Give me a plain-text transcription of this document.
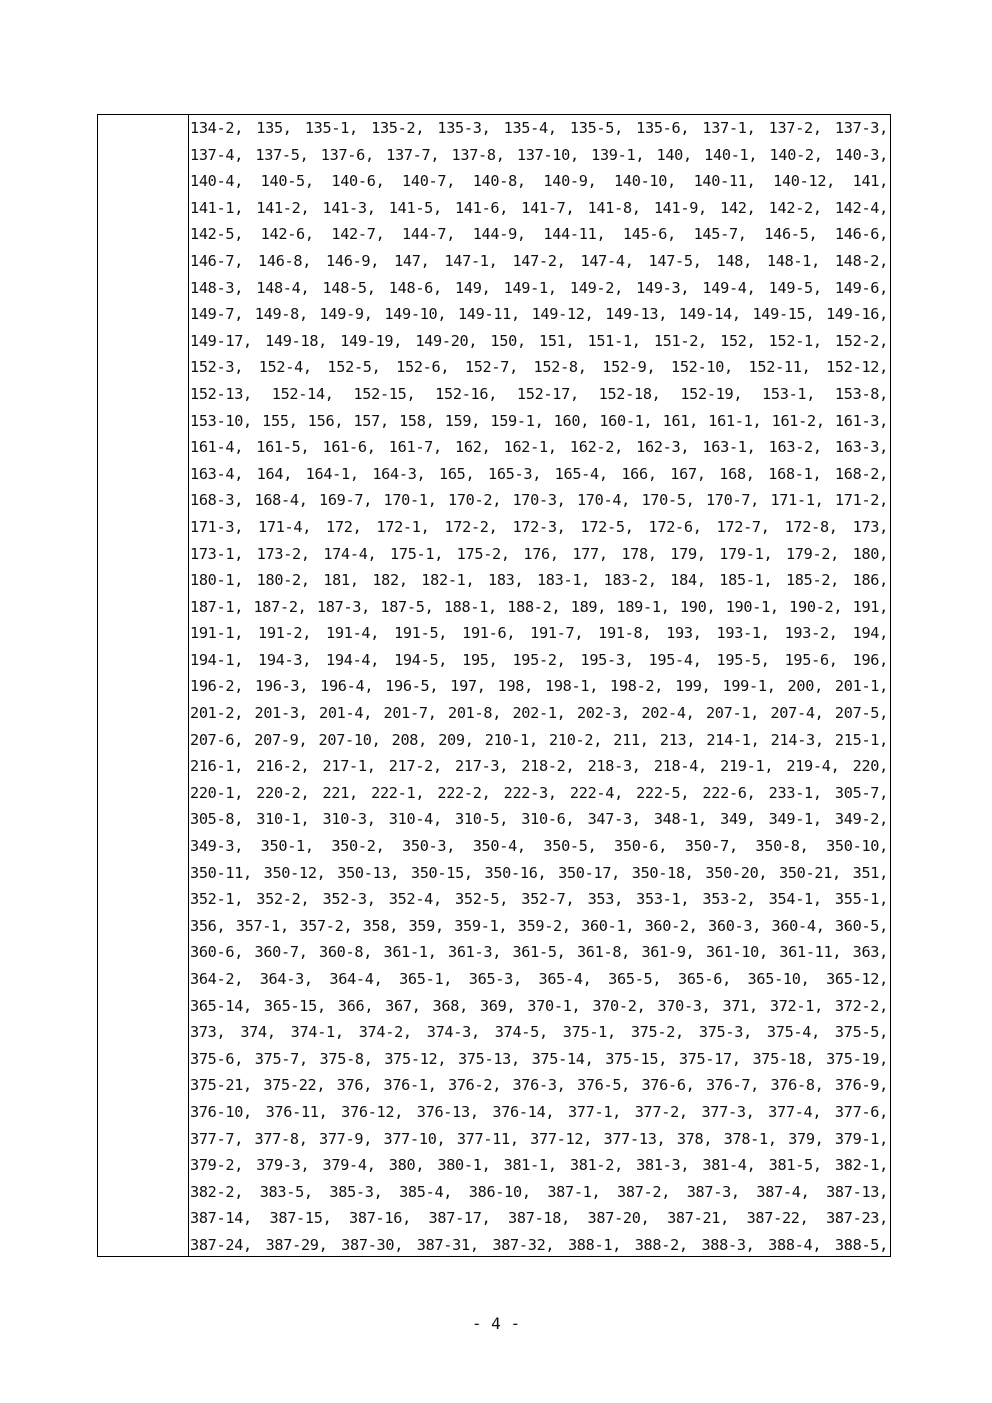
134-2, 135, 135-1, 135-2, 135-3, 135-4, 135-5, 135-6, 137-1, 137-2, 137-3,
137-4, 137-5, 137-6, 137-7, 137-8, 137-10, 139-1, 140, 140-1, 140-2, 140-3,
140-4, 140-5, 140-6, 140-7, 140-8, 140-9, 140-10, 140-11, 140-12, 141,
141-1, 141-2, 141-3, 141-5, 141-6, 141-7, 141-8, 141-9, 142, 142-2, 142-4,
142-5, 142-6, 142-7, 144-7, 144-9, 144-11, 145-6, 145-7, 146-5, 146-6,
146-7, 146-8, 146-9, 147, 147-1, 147-2, 147-4, 147-5, 148, 148-1, 148-2,
148-3, 148-4, 148-5, 148-6, 149, 149-1, 149-2, 149-3, 149-4, 149-5, 149-6,
149-7, 149-8, 149-9, 149-10, 149-11, 149-12, 149-13, 149-14, 149-15, 149-16,
149-17, 149-18, 149-19, 149-20, 150, 151, 151-1, 151-2, 152, 152-1, 152-2,
152-3, 152-4, 152-5, 152-6, 152-7, 152-8, 152-9, 152-10, 152-11, 152-12,
152-13, 152-14, 152-15, 152-16, 152-17, 152-18, 152-19, 153-1, 153-8,
153-10, 155, 156, 157, 158, 159, 159-1, 160, 160-1, 161, 161-1, 161-2, 161-3,
161-4, 161-5, 161-6, 161-7, 162, 162-1, 162-2, 162-3, 163-1, 163-2, 163-3,
163-4, 164, 164-1, 164-3, 165, 165-3, 165-4, 166, 167, 168, 168-1, 168-2,
168-3, 168-4, 169-7, 170-1, 170-2, 170-3, 170-4, 170-5, 170-7, 171-1, 171-2,
171-3, 171-4, 172, 172-1, 172-2, 172-3, 172-5, 172-6, 172-7, 172-8, 173,
173-1, 173-2, 174-4, 175-1, 175-2, 176, 177, 178, 179, 179-1, 179-2, 180,
180-1, 180-2, 181, 182, 182-1, 183, 183-1, 183-2, 184, 185-1, 185-2, 186,
187-1, 187-2, 187-3, 187-5, 188-1, 188-2, 189, 189-1, 190, 190-1, 190-2, 191,
191-1, 191-2, 191-4, 191-5, 191-6, 191-7, 191-8, 193, 193-1, 193-2, 194,
194-1, 194-3, 194-4, 194-5, 195, 195-2, 195-3, 195-4, 195-5, 195-6, 196,
196-2, 196-3, 196-4, 196-5, 197, 198, 198-1, 198-2, 199, 199-1, 200, 201-1,
201-2, 201-3, 201-4, 201-7, 201-8, 202-1, 202-3, 202-4, 207-1, 207-4, 207-5,
207-6, 207-9, 207-10, 208, 209, 210-1, 210-2, 211, 213, 214-1, 214-3, 215-1,
216-1, 216-2, 217-1, 217-2, 217-3, 218-2, 218-3, 218-4, 219-1, 219-4, 220,
220-1, 220-2, 221, 222-1, 222-2, 222-3, 222-4, 222-5, 222-6, 233-1, 305-7,
305-8, 310-1, 310-3, 310-4, 310-5, 310-6, 347-3, 348-1, 349, 349-1, 349-2,
349-3, 350-1, 350-2, 350-3, 350-4, 350-5, 350-6, 350-7, 350-8, 350-10,
350-11, 350-12, 350-13, 350-15, 350-16, 350-17, 350-18, 350-20, 350-21, 351,
352-1, 352-2, 352-3, 352-4, 352-5, 352-7, 353, 353-1, 353-2, 354-1, 355-1,
356, 357-1, 357-2, 358, 359, 359-1, 359-2, 360-1, 360-2, 360-3, 360-4, 360-5,
360-6, 360-7, 360-8, 361-1, 361-3, 361-5, 361-8, 361-9, 361-10, 361-11, 363,
364-2, 364-3, 364-4, 365-1, 365-3, 365-4, 365-5, 365-6, 365-10, 365-12,
365-14, 365-15, 366, 367, 368, 369, 370-1, 370-2, 370-3, 371, 372-1, 372-2,
373, 374, 374-1, 374-2, 374-3, 374-5, 375-1, 375-2, 375-3, 375-4, 375-5,
375-6, 375-7, 375-8, 375-12, 375-13, 375-14, 375-15, 375-17, 375-18, 375-19,
375-21, 375-22, 376, 376-1, 376-2, 376-3, 376-5, 376-6, 376-7, 376-8, 376-9,
376-10, 376-11, 376-12, 376-13, 376-14, 377-1, 377-2, 377-3, 377-4, 377-6,
377-7, 377-8, 377-9, 377-10, 377-11, 377-12, 377-13, 378, 378-1, 379, 379-1,
379-2, 379-3, 379-4, 380, 380-1, 381-1, 381-2, 381-3, 381-4, 381-5, 382-1,
382-2, 383-5, 385-3, 385-4, 386-10, 387-1, 387-2, 387-3, 387-4, 387-13,
387-14, 387-15, 387-16, 387-17, 387-18, 387-20, 387-21, 387-22, 387-23,
387-24, 387-29, 387-30, 387-31, 387-32, 388-1, 388-2, 388-3, 388-4, 388-5,
- 4 -
